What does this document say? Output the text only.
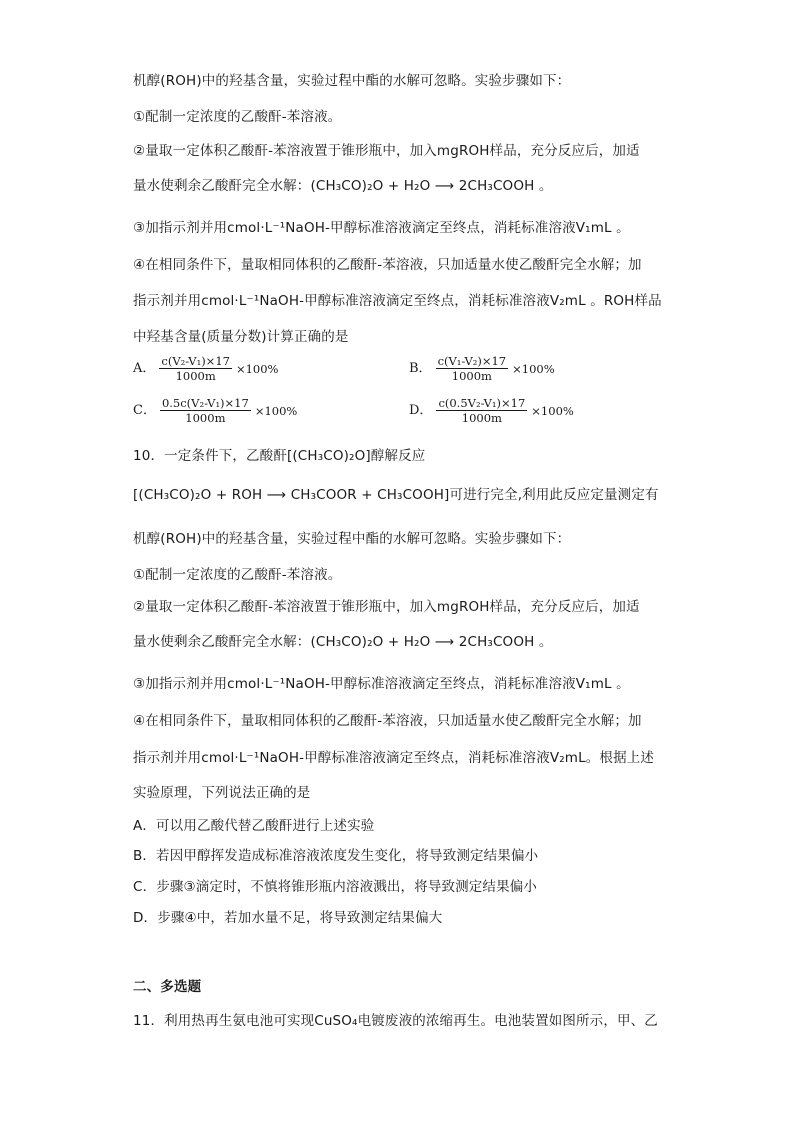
机醇(ROH)中的羟基含量，实验过程中酯的水解可忽略。实验步骤如下：
①配制一定浓度的乙酸酐-苯溶液。
②量取一定体积乙酸酐-苯溶液置于锥形瓶中，加入mgROH样品，充分反应后，加适
量水使剩余乙酸酐完全水解：(CH₃CO)₂O + H₂O ⟶ 2CH₃COOH 。
③加指示剂并用cmol·L⁻¹NaOH-甲醇标准溶液滴定至终点，消耗标准溶液V₁mL 。
④在相同条件下，量取相同体积的乙酸酐-苯溶液，只加适量水使乙酸酐完全水解；加
指示剂并用cmol·L⁻¹NaOH-甲醇标准溶液滴定至终点，消耗标准溶液V₂mL 。ROH样品
中羟基含量(质量分数)计算正确的是
A． $\frac{\text{c(V₂-V₁)×17}}{1000m} \times 100\%$	B． $\frac{\text{c(V₁-V₂)×17}}{1000m} \times 100\%$
C． $\frac{\text{0.5c(V₂-V₁)×17}}{1000m} \times 100\%$	D． $\frac{\text{c(0.5V₂-V₁)×17}}{1000m} \times 100\%$
10．一定条件下，乙酸酐[(CH₃CO)₂O]醇解反应
[(CH₃CO)₂O + ROH ⟶ CH₃COOR + CH₃COOH]可进行完全,利用此反应定量测定有
机醇(ROH)中的羟基含量，实验过程中酯的水解可忽略。实验步骤如下：
①配制一定浓度的乙酸酐-苯溶液。
②量取一定体积乙酸酐-苯溶液置于锥形瓶中，加入mgROH样品，充分反应后，加适
量水使剩余乙酸酐完全水解：(CH₃CO)₂O + H₂O ⟶ 2CH₃COOH 。
③加指示剂并用cmol·L⁻¹NaOH-甲醇标准溶液滴定至终点，消耗标准溶液V₁mL 。
④在相同条件下，量取相同体积的乙酸酐-苯溶液，只加适量水使乙酸酐完全水解；加
指示剂并用cmol·L⁻¹NaOH-甲醇标准溶液滴定至终点，消耗标准溶液V₂mL。根据上述
实验原理，下列说法正确的是
A．可以用乙酸代替乙酸酐进行上述实验
B．若因甲醇挥发造成标准溶液浓度发生变化，将导致测定结果偏小
C．步骤③滴定时，不慎将锥形瓶内溶液溅出，将导致测定结果偏小
D．步骤④中，若加水量不足，将导致测定结果偏大
二、多选题
11．利用热再生氨电池可实现CuSO₄电镀废液的浓缩再生。电池装置如图所示，甲、乙
